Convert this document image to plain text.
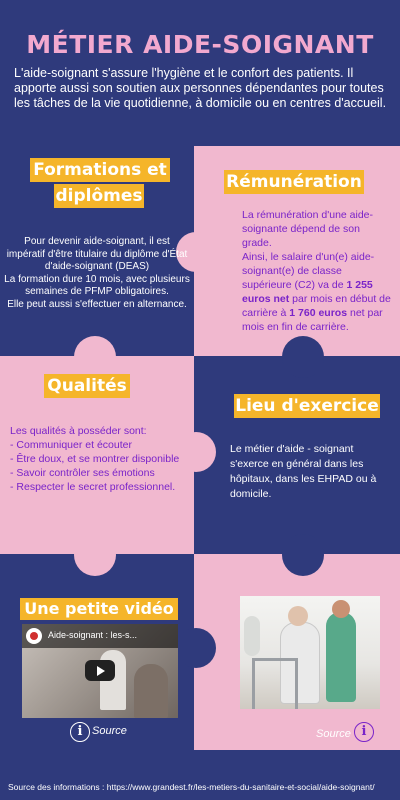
MÉTIER AIDE-SOIGNANT
L'aide-soignant s'assure l'hygiène et le confort des patients. Il apporte aussi son soutien aux personnes dépendantes pour toutes les tâches de la vie quotidienne, à domicile ou en centres d'accueil.
Formations et
diplômes
Pour devenir aide-soignant, il est impératif d'être titulaire du diplôme d'État d'aide-soignant (DEAS)
La formation dure 10 mois, avec plusieurs semaines de PFMP obligatoires.
Elle peut aussi s'effectuer en alternance.
Rémunération
La rémunération d'une aide-soignante dépend de son grade.
Ainsi, le salaire d'un(e) aide-soignant(e) de classe supérieure (C2) va de 1 255 euros net par mois en début de carrière à 1 760 euros net par mois en fin de carrière.
Qualités
Les qualités à posséder sont:
- Communiquer et écouter
- Être doux, et se montrer disponible
- Savoir contrôler ses émotions
- Respecter le secret professionnel.
Lieu d'exercice
Le métier d'aide - soignant s'exerce en général dans les hôpitaux, dans les EHPAD ou à domicile.
Une petite vidéo
Aide-soignant : les-s...
i Source	Source i
Source des informations : https://www.grandest.fr/les-metiers-du-sanitaire-et-social/aide-soignant/
